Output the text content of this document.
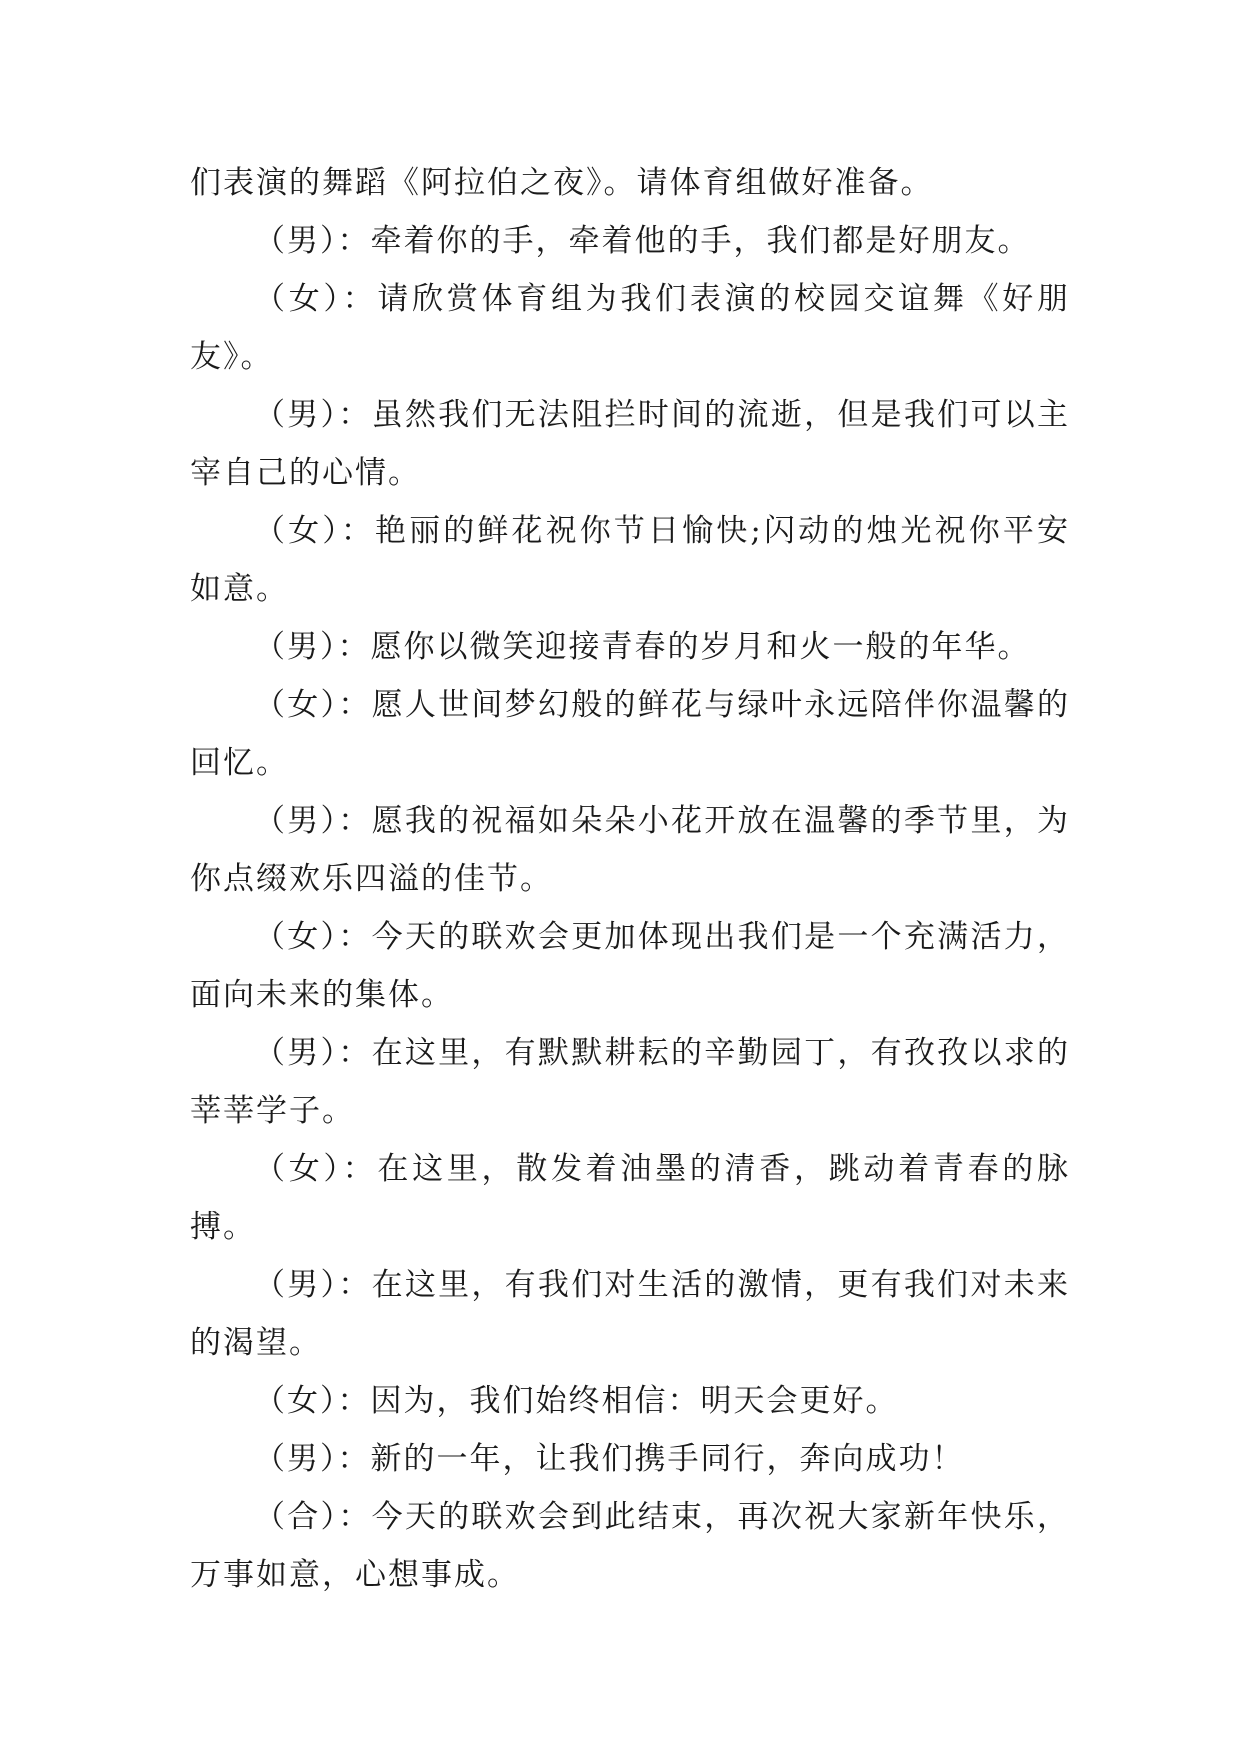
们表演的舞蹈《阿拉伯之夜》。请体育组做好准备。

（男）：牵着你的手，牵着他的手，我们都是好朋友。

（女）：请欣赏体育组为我们表演的校园交谊舞《好朋友》。

（男）：虽然我们无法阻拦时间的流逝，但是我们可以主宰自己的心情。

（女）：艳丽的鲜花祝你节日愉快;闪动的烛光祝你平安如意。

（男）：愿你以微笑迎接青春的岁月和火一般的年华。

（女）：愿人世间梦幻般的鲜花与绿叶永远陪伴你温馨的回忆。

（男）：愿我的祝福如朵朵小花开放在温馨的季节里，为你点缀欢乐四溢的佳节。

（女）：今天的联欢会更加体现出我们是一个充满活力，面向未来的集体。

（男）：在这里，有默默耕耘的辛勤园丁，有孜孜以求的莘莘学子。

（女）：在这里，散发着油墨的清香，跳动着青春的脉搏。

（男）：在这里，有我们对生活的激情，更有我们对未来的渴望。

（女）：因为，我们始终相信：明天会更好。

（男）：新的一年，让我们携手同行，奔向成功！

（合）：今天的联欢会到此结束，再次祝大家新年快乐，万事如意，心想事成。
